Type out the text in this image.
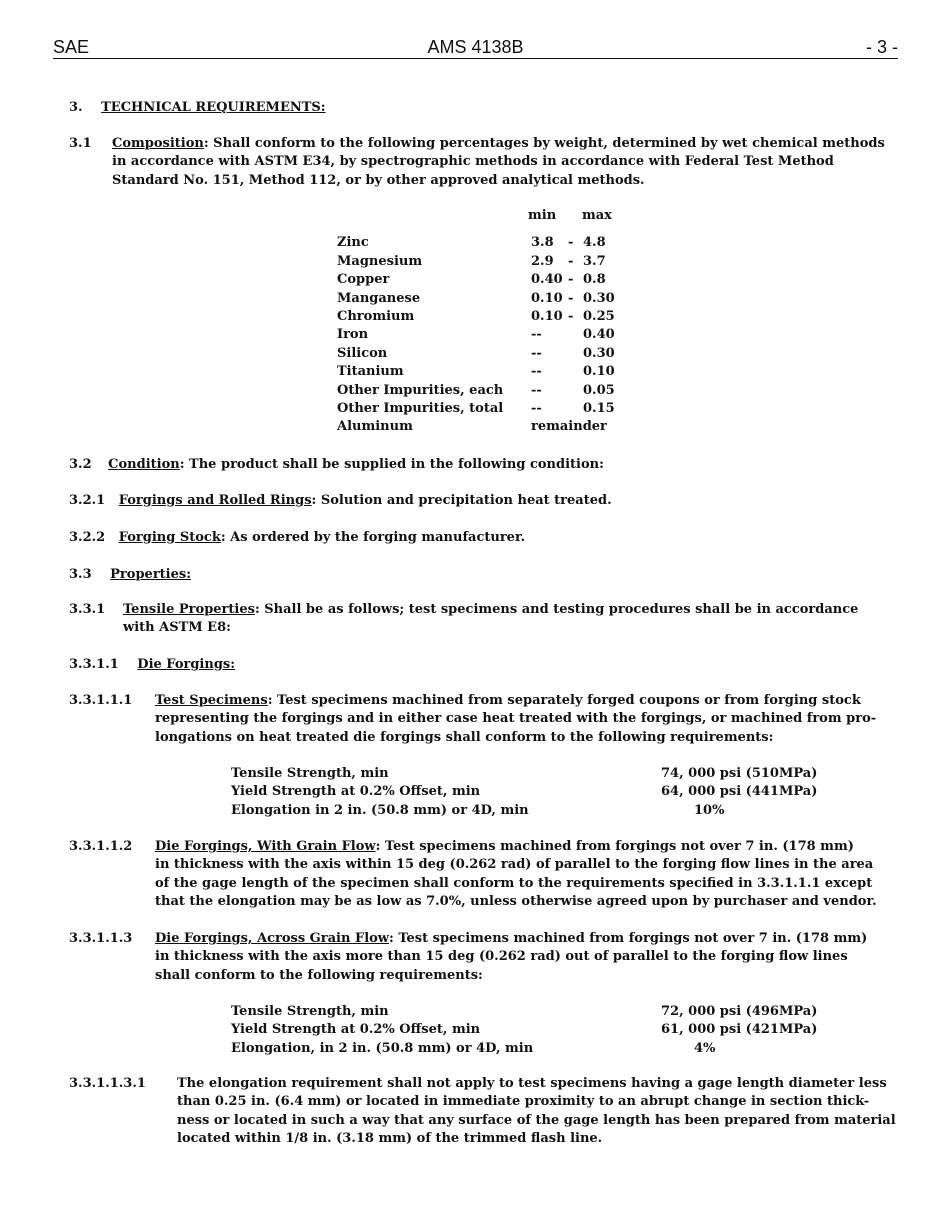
SAE	AMS 4138B	- 3 -
3. TECHNICAL REQUIREMENTS:
3.1 Composition: Shall conform to the following percentages by weight, determined by wet chemical methods
in accordance with ASTM E34, by spectrographic methods in accordance with Federal Test Method
Standard No. 151, Method 112, or by other approved analytical methods.
min max
Zinc	3.8 - 4.8
Magnesium	2.9 - 3.7
Copper	0.40 - 0.8
Manganese	0.10 - 0.30
Chromium	0.10 - 0.25
Iron	--	0.40
Silicon	--	0.30
Titanium	--	0.10
Other Impurities, each --	0.05
Other Impurities, total --	0.15
Aluminum	remainder
3.2 Condition: The product shall be supplied in the following condition:
3.2.1 Forgings and Rolled Rings: Solution and precipitation heat treated.
3.2.2 Forging Stock: As ordered by the forging manufacturer.
3.3 Properties:
3.3.1 Tensile Properties: Shall be as follows; test specimens and testing procedures shall be in accordance
with ASTM E8:
3.3.1.1 Die Forgings:
3.3.1.1.1 Test Specimens: Test specimens machined from separately forged coupons or from forging stock
representing the forgings and in either case heat treated with the forgings, or machined from pro-
longations on heat treated die forgings shall conform to the following requirements:
Tensile Strength, min	74, 000 psi (510MPa)
Yield Strength at 0.2% Offset, min	64, 000 psi (441MPa)
Elongation in 2 in. (50.8 mm) or 4D, min	10%
3.3.1.1.2 Die Forgings, With Grain Flow: Test specimens machined from forgings not over 7 in. (178 mm)
in thickness with the axis within 15 deg (0.262 rad) of parallel to the forging flow lines in the area
of the gage length of the specimen shall conform to the requirements specified in 3.3.1.1.1 except
that the elongation may be as low as 7.0%, unless otherwise agreed upon by purchaser and vendor.
3.3.1.1.3 Die Forgings, Across Grain Flow: Test specimens machined from forgings not over 7 in. (178 mm)
in thickness with the axis more than 15 deg (0.262 rad) out of parallel to the forging flow lines
shall conform to the following requirements:
Tensile Strength, min	72, 000 psi (496MPa)
Yield Strength at 0.2% Offset, min	61, 000 psi (421MPa)
Elongation, in 2 in. (50.8 mm) or 4D, min	4%
3.3.1.1.3.1 The elongation requirement shall not apply to test specimens having a gage length diameter less
than 0.25 in. (6.4 mm) or located in immediate proximity to an abrupt change in section thick-
ness or located in such a way that any surface of the gage length has been prepared from material
located within 1/8 in. (3.18 mm) of the trimmed flash line.
